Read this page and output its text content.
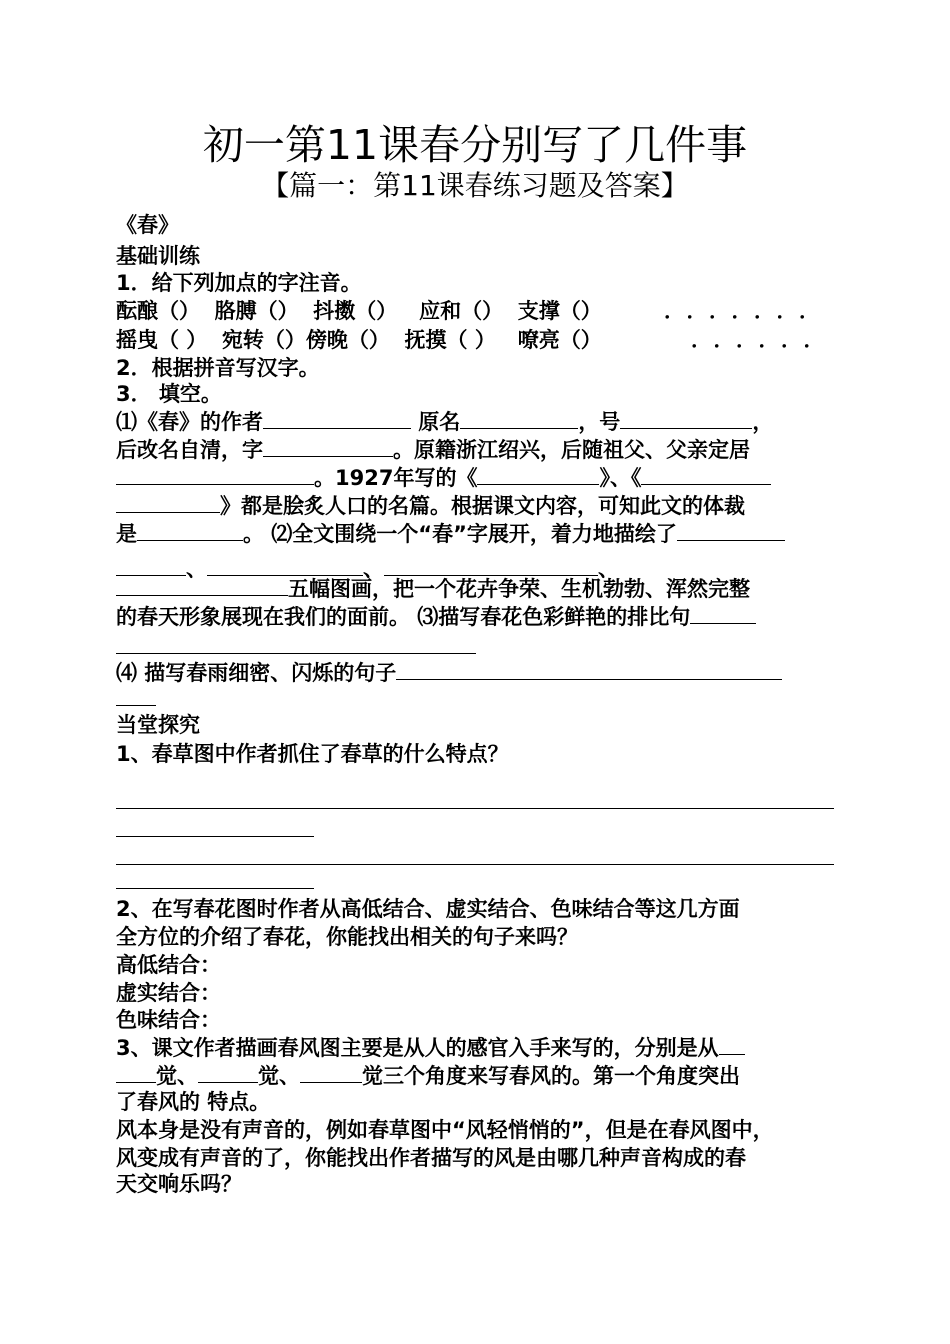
初一第11课春分别写了几件事
【篇一：第11课春练习题及答案】
《春》
基础训练
1．给下列加点的字注音。
酝酿（）  胳膊（）  抖擞（）   应和（）  支撑（）	．．．．．．．
摇曳（ ）  宛转（）傍晚（）  抚摸（ ）   嘹亮（）	．．．．．．
2．根据拼音写汉字。
3． 填空。
⑴《春》的作者	原名	，号	，
后改名自清，字	。原籍浙江绍兴，后随祖父、父亲定居
。1927年写的《	》、《
》都是脍炙人口的名篇。根据课文内容，可知此文的体裁
是	。 ⑵全文围绕一个“春”字展开，着力地描绘了
、	、	、
五幅图画，把一个花卉争荣、生机勃勃、浑然完整
的春天形象展现在我们的面前。 ⑶描写春花色彩鲜艳的排比句
⑷ 描写春雨细密、闪烁的句子
当堂探究
1、春草图中作者抓住了春草的什么特点？
2、在写春花图时作者从高低结合、虚实结合、色味结合等这几方面
全方位的介绍了春花，你能找出相关的句子来吗？
高低结合：
虚实结合：
色味结合：
3、课文作者描画春风图主要是从人的感官入手来写的，分别是从
觉、	觉、	觉三个角度来写春风的。第一个角度突出
了春风的 特点。
风本身是没有声音的，例如春草图中“风轻悄悄的”，但是在春风图中，
风变成有声音的了，你能找出作者描写的风是由哪几种声音构成的春
天交响乐吗？
